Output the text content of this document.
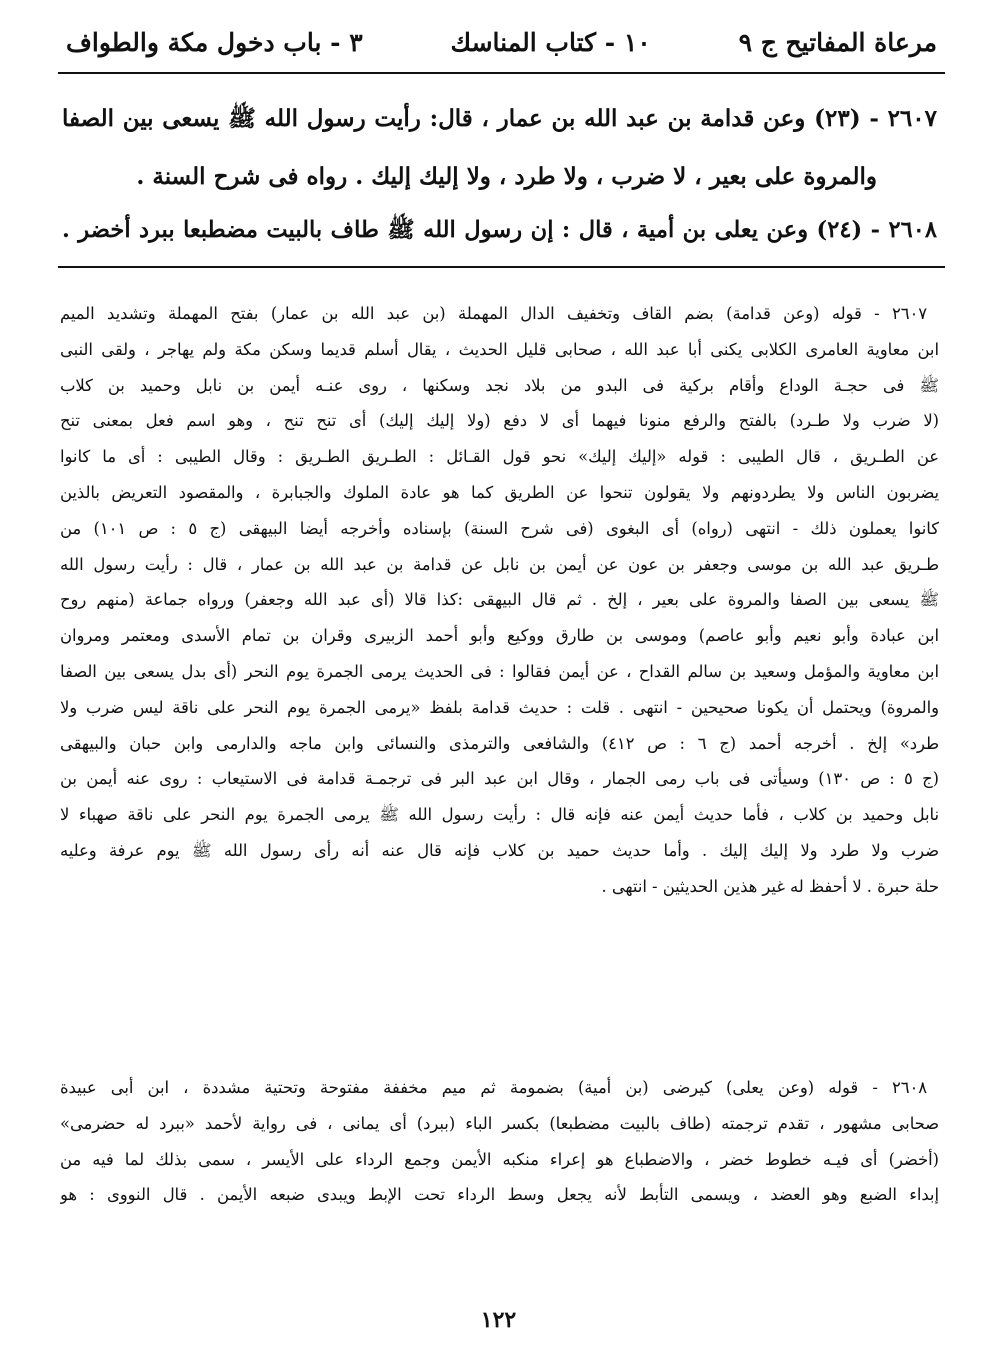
مرعاة المفاتيح ج ٩
١٠ - كتاب المناسك
٣ - باب دخول مكة والطواف
٢٦٠٧ - (٢٣) وعن قدامة بن عبد الله بن عمار ، قال: رأيت رسول الله ﷺ يسعى بين الصفا
والمروة على بعير ، لا ضرب ، ولا طرد ، ولا إليك إليك . رواه فى شرح السنة .
٢٦٠٨ - (٢٤) وعن يعلى بن أمية ، قال : إن رسول الله ﷺ طاف بالبيت مضطبعا ببرد أخضر .
٢٦٠٧ - قوله (وعن قدامة) بضم القاف وتخفيف الدال المهملة (بن عبد الله بن عمار) بفتح المهملة وتشديد الميم
ابن معاوية العامرى الكلابى يكنى أبا عبد الله ، صحابى قليل الحديث ، يقال أسلم قديما وسكن مكة ولم يهاجر ، ولقى النبى
ﷺ فى حجـة الوداع وأقام بركية فى البدو من بلاد نجد وسكنها ، روى عنـه أيمن بن نابل وحميد بن كلاب
(لا ضرب ولا طـرد) بالفتح والرفع منونا فيهما أى لا دفع (ولا إليك إليك) أى تنح تنح ، وهو اسم فعل بمعنى تنح
عن الطـريق ، قال الطيبى : قوله «إليك إليك» نحو قول القـائل : الطـريق الطـريق : وقال الطيبى : أى ما كانوا
يضربون الناس ولا يطردونهم ولا يقولون تنحوا عن الطريق كما هو عادة الملوك والجبابرة ، والمقصود التعريض بالذين
كانوا يعملون ذلك - انتهى (رواه) أى البغوى (فى شرح السنة) بإسناده وأخرجه أيضا البيهقى (ج ٥ : ص ١٠١) من
طـريق عبد الله بن موسى وجعفر بن عون عن أيمن بن نابل عن قدامة بن عبد الله بن عمار ، قال : رأيت رسول الله
ﷺ يسعى بين الصفا والمروة على بعير ، إلخ . ثم قال البيهقى :كذا قالا (أى عبد الله وجعفر) ورواه جماعة (منهم روح
ابن عبادة وأبو نعيم وأبو عاصم) وموسى بن طارق ووكيع وأبو أحمد الزبيرى وقران بن تمام الأسدى ومعتمر ومروان
ابن معاوية والمؤمل وسعيد بن سالم القداح ، عن أيمن فقالوا : فى الحديث يرمى الجمرة يوم النحر (أى بدل يسعى بين الصفا
والمروة) ويحتمل أن يكونا صحيحين - انتهى . قلت : حديث قدامة بلفظ «يرمى الجمرة يوم النحر على ناقة ليس ضرب ولا
طرد» إلخ . أخرجه أحمد (ج ٦ : ص ٤١٢) والشافعى والترمذى والنسائى وابن ماجه والدارمى وابن حبان والبيهقى
(ج ٥ : ص ١٣٠) وسيأتى فى باب رمى الجمار ، وقال ابن عبد البر فى ترجمـة قدامة فى الاستيعاب : روى عنه أيمن بن
نابل وحميد بن كلاب ، فأما حديث أيمن عنه فإنه قال : رأيت رسول الله ﷺ يرمى الجمرة يوم النحر على ناقة صهباء لا
ضرب ولا طرد ولا إليك إليك . وأما حديث حميد بن كلاب فإنه قال عنه أنه رأى رسول الله ﷺ يوم عرفة وعليه
حلة حبرة . لا أحفظ له غير هذين الحديثين - انتهى .
٢٦٠٨ - قوله (وعن يعلى) كيرضى (بن أمية) بضمومة ثم ميم مخففة مفتوحة وتحتية مشددة ، ابن أبى عبيدة
صحابى مشهور ، تقدم ترجمته (طاف بالبيت مضطبعا) بكسر الباء (ببرد) أى يمانى ، فى رواية لأحمد «ببرد له حضرمى»
(أخضر) أى فيـه خطوط خضر ، والاضطباع هو إعراء منكبه الأيمن وجمع الرداء على الأيسر ، سمى بذلك لما فيه من
إبداء الضبع وهو العضد ، ويسمى التأبط لأنه يجعل وسط الرداء تحت الإبط ويبدى ضبعه الأيمن . قال النووى : هو
١٢٢
